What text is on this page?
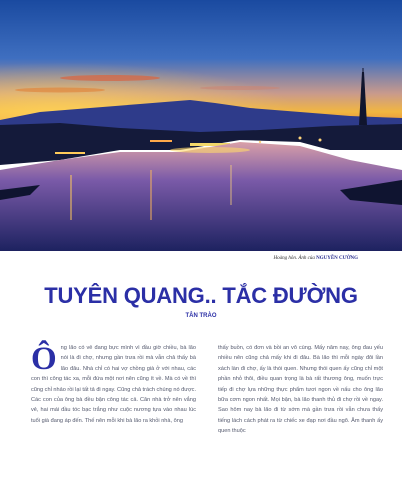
Hoàng hôn. Ảnh của NGUYỄN CƯỜNG
TUYÊN QUANG.. TẮC ĐƯỜNG
TÂN TRÀO
Ô ng lão có vẻ đang bực mình vì đầu giờ chiều, bà lão nói là đi chợ, nhưng gần trưa rồi mà vẫn chả thấy bà lão đâu. Nhà chỉ có hai vợ chồng già ở với nhau, các con thì công tác xa, mỗi đứa một nơi nên cũng ít về. Mà có về thì cũng chỉ nhảo rồi lại tất tả đi ngay. Cũng chả trách chúng nó được. Các con của ông bà đều bận công tác cả. Căn nhà trở nên vắng vẻ, hai mái đầu tóc bạc trắng như cuộc nương tựa vào nhau lúc tuổi già đang áp đến. Thế nên mỗi khi bà lão ra khỏi nhà, ông
thấy buồn, có đơn và bồi an vô cùng. Mấy năm nay, ông đau yếu nhiều nên cũng chả mấy khi đi đâu. Bà lão thì mỗi ngày đôi lần xách làn đi chợ, ấy là thói quen. Nhưng thói quen ấy cũng chỉ một phần nhỏ thôi, điều quan trọng là bà rất thương ông, muốn trực tiếp đi chợ lựa những thực phẩm tươi ngon về nấu cho ông lão bữa cơm ngon nhất. Mọi bận, bà lão thanh thủ đi chợ rồi về ngay. Sao hôm nay bà lão đi từ sớm mà gần trưa rồi vẫn chưa thấy tiếng lách cách phát ra từ chiếc xe đạp nơi đầu ngõ. Âm thanh ấy quen thuộc
